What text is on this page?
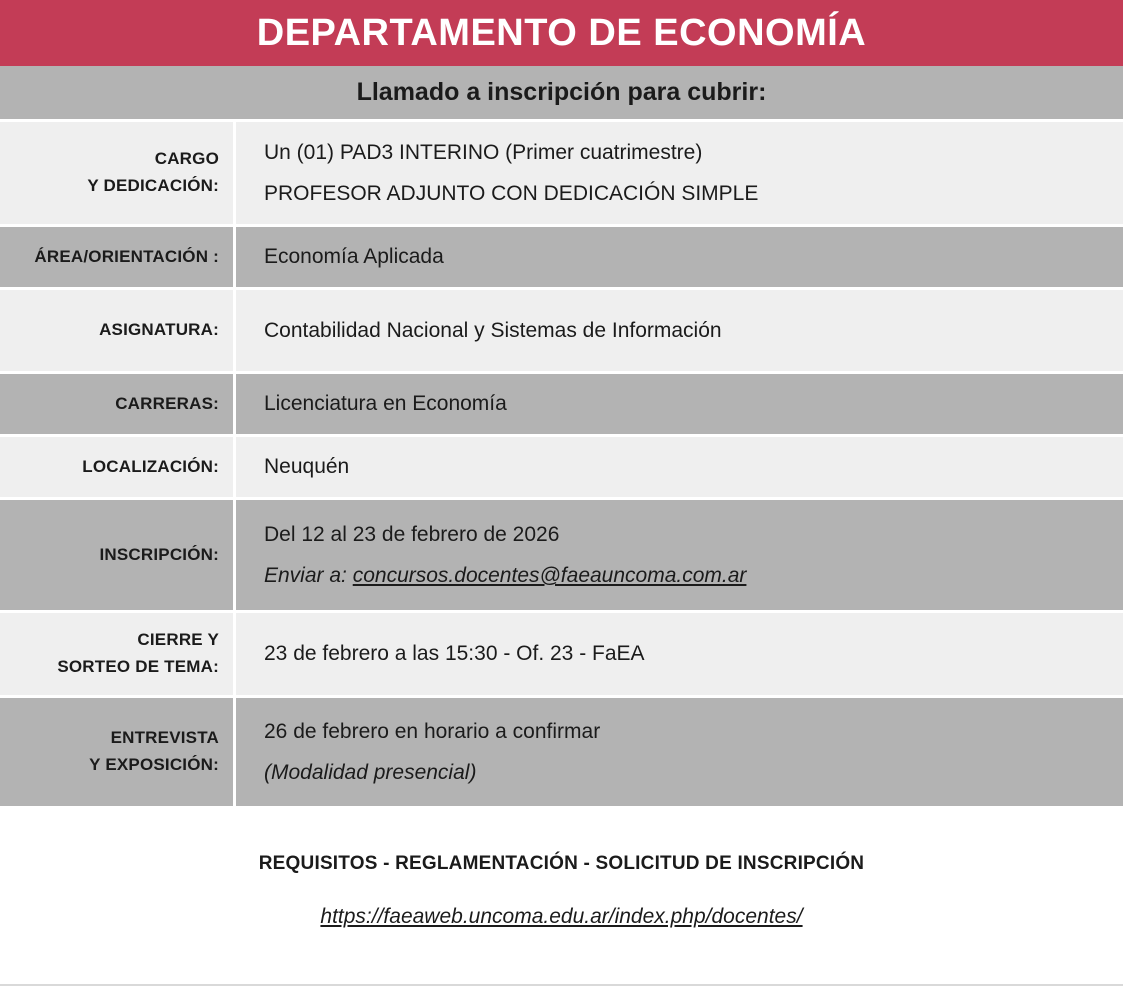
DEPARTAMENTO DE ECONOMÍA
Llamado a inscripción para cubrir:
CARGO
Y DEDICACIÓN:
Un (01) PAD3 INTERINO (Primer cuatrimestre)
PROFESOR ADJUNTO CON DEDICACIÓN SIMPLE
ÁREA/ORIENTACIÓN : Economía Aplicada
ASIGNATURA: Contabilidad Nacional y Sistemas de Información
CARRERAS: Licenciatura en Economía
LOCALIZACIÓN: Neuquén
INSCRIPCIÓN:
Del 12 al 23 de febrero de 2026
Enviar a: concursos.docentes@faeauncoma.com.ar
CIERRE Y
SORTEO DE TEMA:
23 de febrero a las 15:30 - Of. 23 - FaEA
ENTREVISTA
Y EXPOSICIÓN:
26 de febrero en horario a confirmar
(Modalidad presencial)
REQUISITOS - REGLAMENTACIÓN - SOLICITUD DE INSCRIPCIÓN
https://faeaweb.uncoma.edu.ar/index.php/docentes/
